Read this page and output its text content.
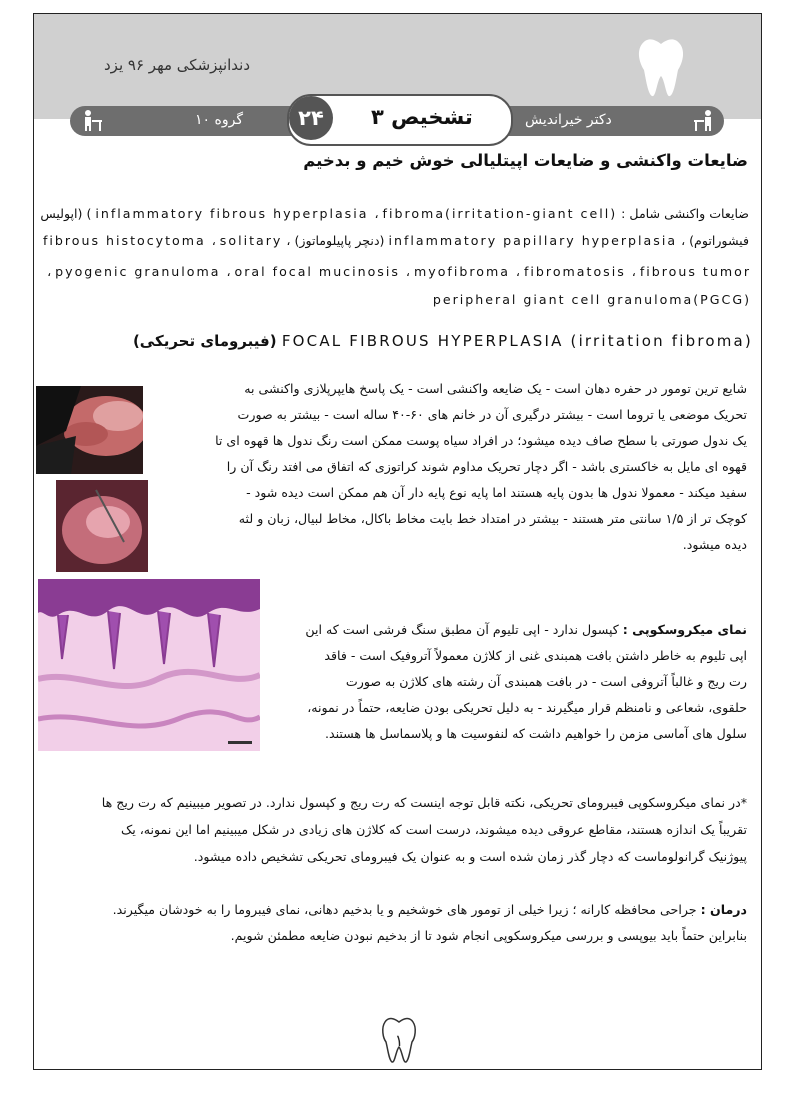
دندانپزشکی مهر ۹۶ یزد
گروه ۱۰	دکتر خیراندیش
۲۴	تشخیص ۳
ضایعات واکنشی و ضایعات اپیتلیالی خوش خیم و بدخیم
ضایعات واکنشی شامل : ( inflammatory fibrous hyperplasia ، fibroma(irritation-giant cell) (اپولیس
فیشوراتوم) ، inflammatory papillary hyperplasia (دنچر پاپیلوماتوز) ، fibrous histocytoma ، solitary
، pyogenic granuloma ، oral focal mucinosis ، myofibroma ، fibromatosis ، fibrous tumor
peripheral giant cell granuloma(PGCG)
FOCAL FIBROUS HYPERPLASIA (irritation fibroma) (فیبرومای تحریکی)
شایع ترین تومور در حفره دهان است - یک ضایعه واکنشی است - یک پاسخ هایپرپلازی واکنشی به
تحریک موضعی یا تروما است - بیشتر درگیری آن در خانم های ۶۰-۴۰ ساله است - بیشتر به صورت
یک ندول صورتی با سطح صاف دیده میشود؛ در افراد سیاه پوست ممکن است رنگ ندول ها قهوه ای تا
قهوه ای مایل به خاکستری باشد - اگر دچار تحریک مداوم شوند کراتوزی که اتفاق می افتد رنگ آن را
سفید میکند - معمولا ندول ها بدون پایه هستند اما پایه نوع پایه دار آن هم ممکن است دیده شود -
کوچک تر از ۱/۵ سانتی متر هستند - بیشتر در امتداد خط بایت مخاط باکال، مخاط لبیال، زبان و لثه
دیده میشود.
نمای میکروسکوپی : کپسول ندارد - اپی تلیوم آن مطبق سنگ فرشی است که این
اپی تلیوم به خاطر داشتن بافت همبندی غنی از کلاژن معمولاً آتروفیک است - فاقد
رت ریج و غالباً آتروفی است - در بافت همبندی آن رشته های کلاژن به صورت
حلقوی، شعاعی و نامنظم قرار میگیرند - به دلیل تحریکی بودن ضایعه، حتماً در نمونه،
سلول های آماسی مزمن را خواهیم داشت که لنفوسیت ها و پلاسماسل ها هستند.
*در نمای میکروسکوپی فیبرومای تحریکی، نکته قابل توجه اینست که رت ریج و کپسول ندارد. در تصویر میبینیم که رت ریج ها
تقریباً یک اندازه هستند، مقاطع عروقی دیده میشوند، درست است که کلاژن های زیادی در شکل میبینیم اما این نمونه، یک
پیوژنیک گرانولوماست که دچار گذر زمان شده است و به عنوان یک فیبرومای تحریکی تشخیص داده میشود.
درمان : جراحی محافظه کارانه ؛ زیرا خیلی از تومور های خوشخیم و یا بدخیم دهانی، نمای فیبروما را به خودشان میگیرند.
بنابراین حتماً باید بیوپسی و بررسی میکروسکوپی انجام شود تا از بدخیم نبودن ضایعه مطمئن شویم.
۱
